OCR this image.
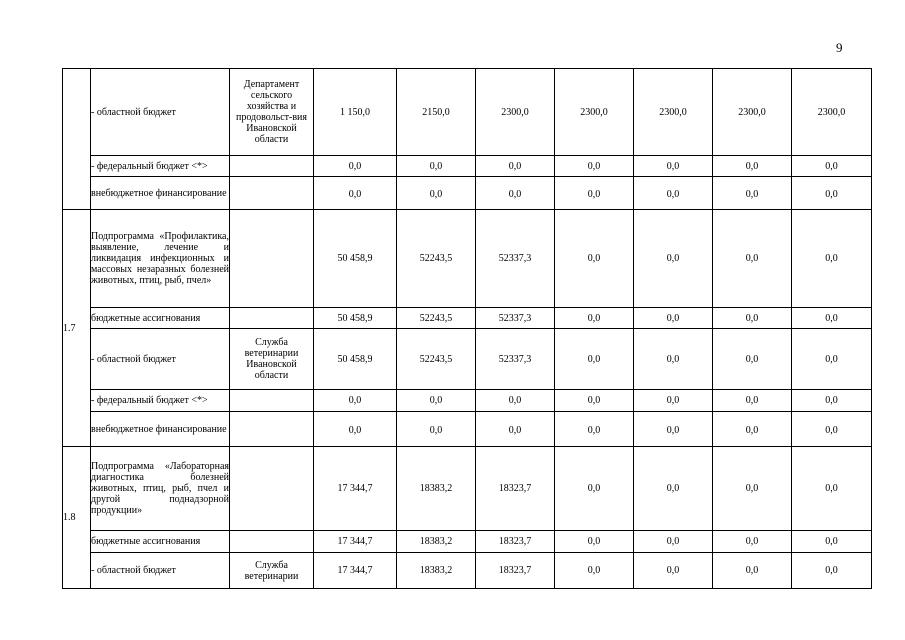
9
	- областной бюджет	Департамент сельского хозяйства и продовольст-вия Ивановской области	1 150,0	2150,0	2300,0	2300,0	2300,0	2300,0	2300,0
	- федеральный бюджет <*>		0,0	0,0	0,0	0,0	0,0	0,0	0,0
	внебюджетное финансирование		0,0	0,0	0,0	0,0	0,0	0,0	0,0
1.7	Подпрограмма «Профилактика, выявление, лечение и ликвидация инфекционных и массовых незаразных болезней животных, птиц, рыб, пчел»		50 458,9	52243,5	52337,3	0,0	0,0	0,0	0,0
	бюджетные ассигнования		50 458,9	52243,5	52337,3	0,0	0,0	0,0	0,0
	- областной бюджет	Служба ветеринарии Ивановской области	50 458,9	52243,5	52337,3	0,0	0,0	0,0	0,0
	- федеральный бюджет <*>		0,0	0,0	0,0	0,0	0,0	0,0	0,0
	внебюджетное финансирование		0,0	0,0	0,0	0,0	0,0	0,0	0,0
1.8	Подпрограмма «Лабораторная диагностика болезней животных, птиц, рыб, пчел и другой поднадзорной продукции»		17 344,7	18383,2	18323,7	0,0	0,0	0,0	0,0
	бюджетные ассигнования		17 344,7	18383,2	18323,7	0,0	0,0	0,0	0,0
	- областной бюджет	Служба ветеринарии	17 344,7	18383,2	18323,7	0,0	0,0	0,0	0,0
